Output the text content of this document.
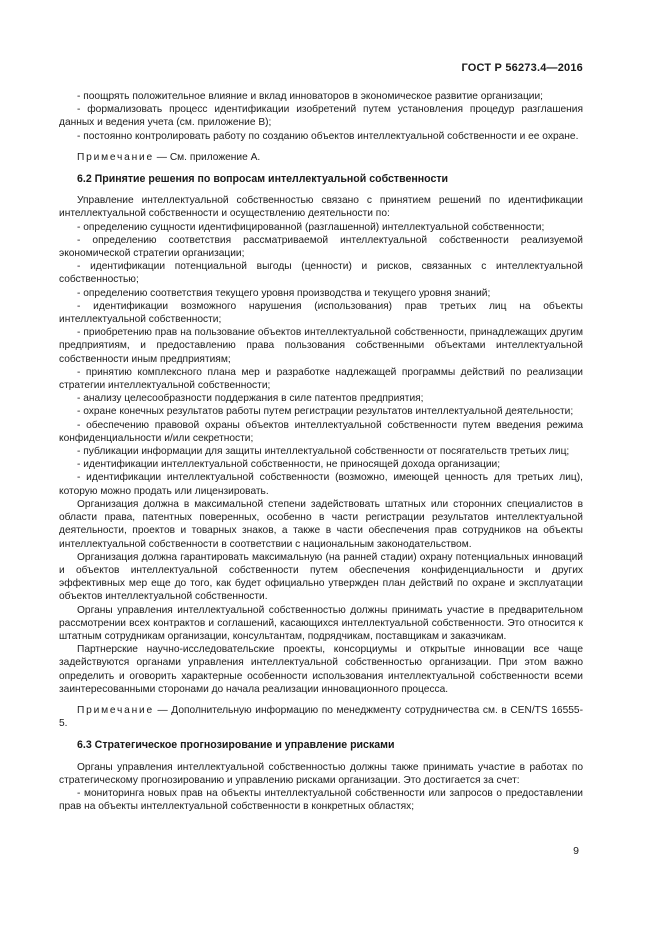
ГОСТ Р 56273.4—2016

- поощрять положительное влияние и вклад инноваторов в экономическое развитие организации;

- формализовать процесс идентификации изобретений путем установления процедур разглашения данных и ведения учета (см. приложение В);

- постоянно контролировать работу по созданию объектов интеллектуальной собственности и ее охране.

Примечание — См. приложение А.

6.2 Принятие решения по вопросам интеллектуальной собственности

Управление интеллектуальной собственностью связано с принятием решений по идентификации интеллектуальной собственности и осуществлению деятельности по:

- определению сущности идентифицированной (разглашенной) интеллектуальной собственности;

- определению соответствия рассматриваемой интеллектуальной собственности реализуемой экономической стратегии организации;

- идентификации потенциальной выгоды (ценности) и рисков, связанных с интеллектуальной собственностью;

- определению соответствия текущего уровня производства и текущего уровня знаний;

- идентификации возможного нарушения (использования) прав третьих лиц на объекты интеллектуальной собственности;

- приобретению прав на пользование объектов интеллектуальной собственности, принадлежащих другим предприятиям, и предоставлению права пользования собственными объектами интеллектуальной собственности иным предприятиям;

- принятию комплексного плана мер и разработке надлежащей программы действий по реализации стратегии интеллектуальной собственности;

- анализу целесообразности поддержания в силе патентов предприятия;

- охране конечных результатов работы путем регистрации результатов интеллектуальной деятельности;

- обеспечению правовой охраны объектов интеллектуальной собственности путем введения режима конфиденциальности и/или секретности;

- публикации информации для защиты интеллектуальной собственности от посягательств третьих лиц;

- идентификации интеллектуальной собственности, не приносящей дохода организации;

- идентификации интеллектуальной собственности (возможно, имеющей ценность для третьих лиц), которую можно продать или лицензировать.

Организация должна в максимальной степени задействовать штатных или сторонних специалистов в области права, патентных поверенных, особенно в части регистрации результатов интеллектуальной деятельности, проектов и товарных знаков, а также в части обеспечения прав сотрудников на объекты интеллектуальной собственности в соответствии с национальным законодательством.

Организация должна гарантировать максимальную (на ранней стадии) охрану потенциальных инноваций и объектов интеллектуальной собственности путем обеспечения конфиденциальности и других эффективных мер еще до того, как будет официально утвержден план действий по охране и эксплуатации объектов интеллектуальной собственности.

Органы управления интеллектуальной собственностью должны принимать участие в предварительном рассмотрении всех контрактов и соглашений, касающихся интеллектуальной собственности. Это относится к штатным сотрудникам организации, консультантам, подрядчикам, поставщикам и заказчикам.

Партнерские научно-исследовательские проекты, консорциумы и открытые инновации все чаще задействуются органами управления интеллектуальной собственностью организации. При этом важно определить и оговорить характерные особенности использования интеллектуальной собственности всеми заинтересованными сторонами до начала реализации инновационного процесса.

Примечание — Дополнительную информацию по менеджменту сотрудничества см. в CEN/TS 16555-5.

6.3 Стратегическое прогнозирование и управление рисками

Органы управления интеллектуальной собственностью должны также принимать участие в работах по стратегическому прогнозированию и управлению рисками организации. Это достигается за счет:

- мониторинга новых прав на объекты интеллектуальной собственности или запросов о предоставлении прав на объекты интеллектуальной собственности в конкретных областях;

9
